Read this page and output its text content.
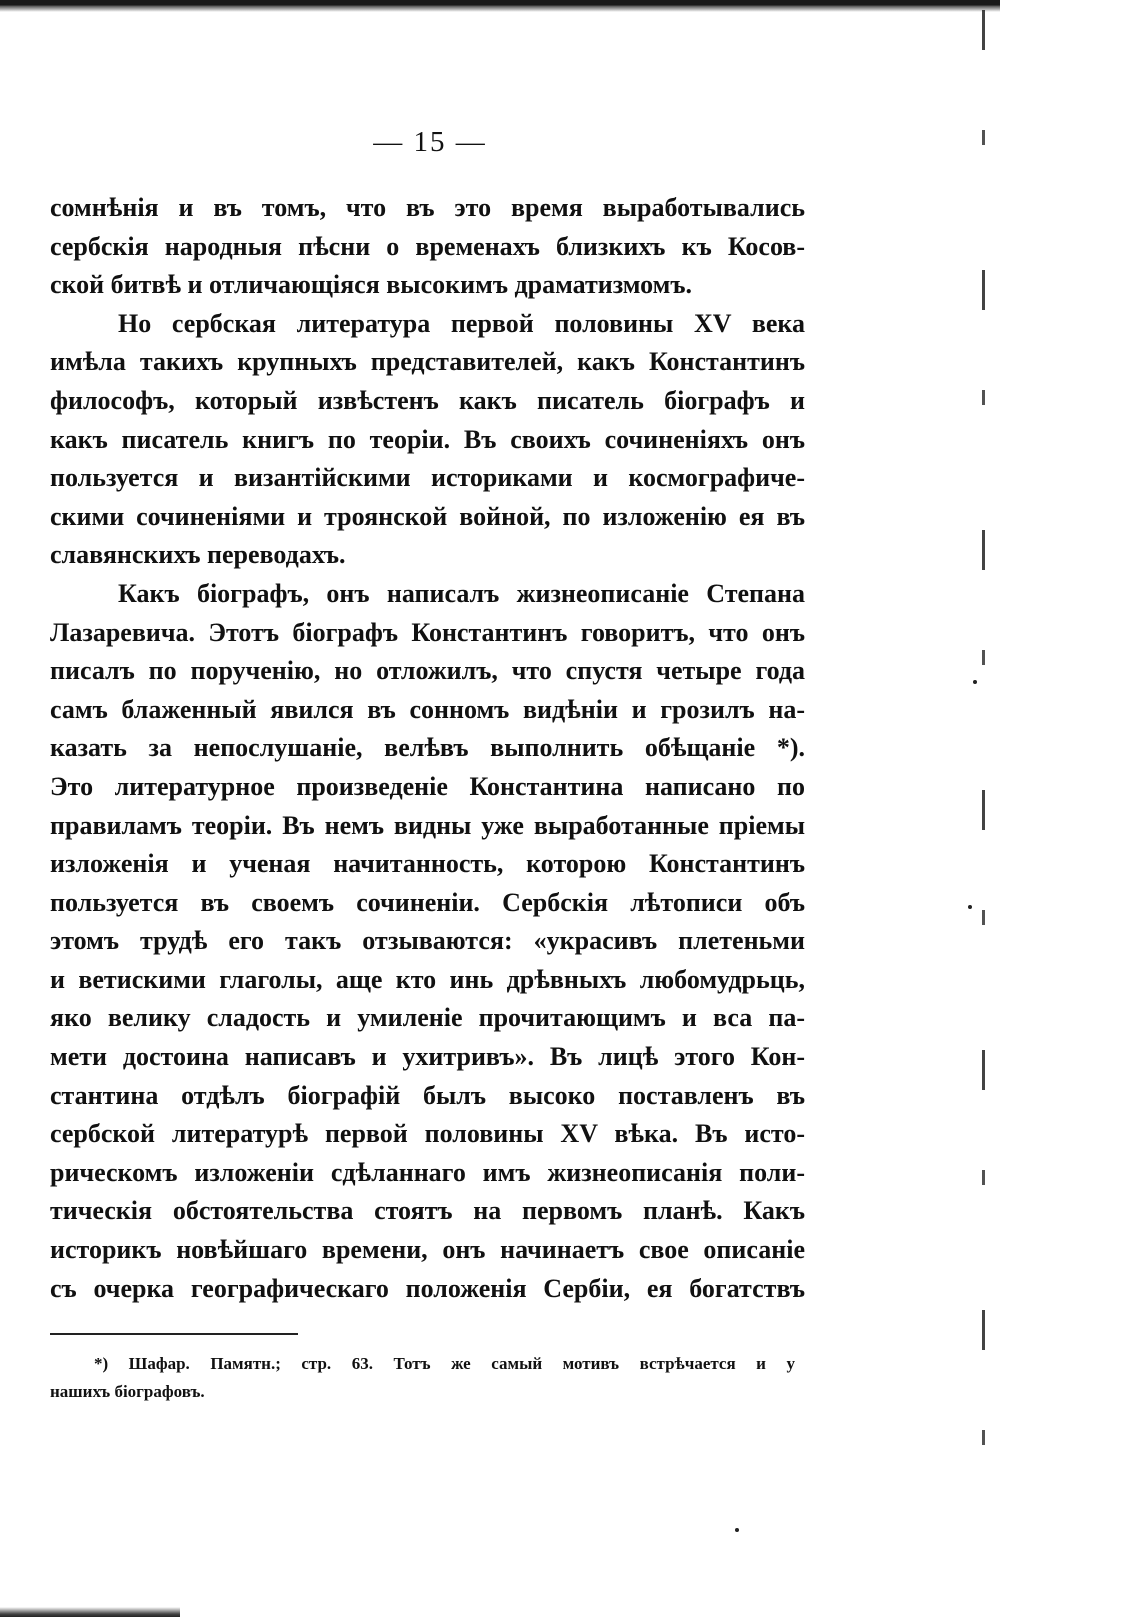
— 15 —
сомнѣнія и въ томъ, что въ это время выработывались
сербскія народныя пѣсни о временахъ близкихъ къ Косов-
ской битвѣ и отличающіяся высокимъ драматизмомъ.
Но сербская литература первой половины XV века
имѣла такихъ крупныхъ представителей, какъ Константинъ
философъ, который извѣстенъ какъ писатель біографъ и
какъ писатель книгъ по теоріи. Въ своихъ сочиненіяхъ онъ
пользуется и византійскими историками и космографиче-
скими сочиненіями и троянской войной, по изложенію ея въ
славянскихъ переводахъ.
Какъ біографъ, онъ написалъ жизнеописаніе Степана
Лазаревича. Этотъ біографъ Константинъ говоритъ, что онъ
писалъ по порученію, но отложилъ, что спустя четыре года
самъ блаженный явился въ сонномъ видѣніи и грозилъ на-
казать за непослушаніе, велѣвъ выполнить обѣщаніе *).
Это литературное произведеніе Константина написано по
правиламъ теоріи. Въ немъ видны уже выработанные пріемы
изложенія и ученая начитанность, которою Константинъ
пользуется въ своемъ сочиненіи. Сербскія лѣтописи объ
этомъ трудѣ его такъ отзываются: «украсивъ плетеньми
и ветискими глаголы, аще кто инь дрѣвныхъ любомудрьць,
яко велику сладость и умиленіе прочитающимъ и вса па-
мети достоина написавъ и ухитривъ». Въ лицѣ этого Кон-
стантина отдѣлъ біографій былъ высоко поставленъ въ
сербской литературѣ первой половины XV вѣка. Въ исто-
рическомъ изложеніи сдѣланнаго имъ жизнеописанія поли-
тическія обстоятельства стоятъ на первомъ планѣ. Какъ
историкъ новѣйшаго времени, онъ начинаетъ свое описаніе
съ очерка географическаго положенія Сербіи, ея богатствъ
*) Шафар. Памятн.; стр. 63. Тотъ же самый мотивъ встрѣчается и у
нашихъ біографовъ.
